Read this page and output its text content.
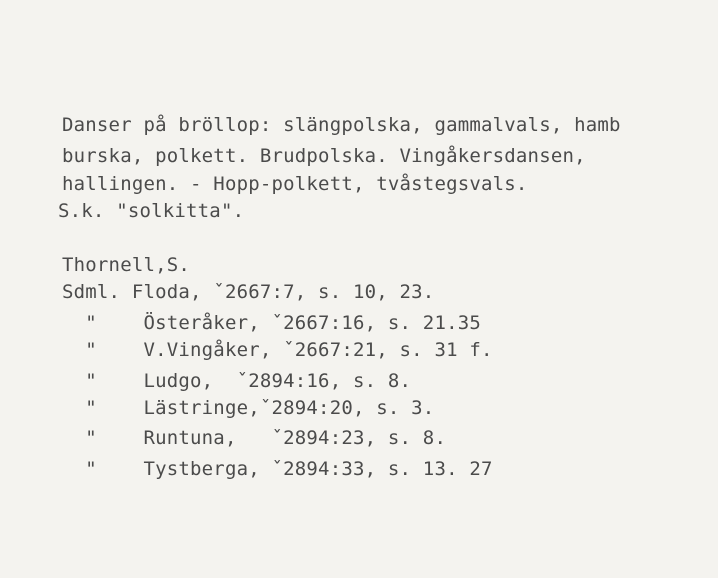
Danser på bröllop: slängpolska, gammalvals, hamb
burska, polkett. Brudpolska. Vingåkersdansen,
hallingen. - Hopp-polkett, tvåstegsvals.
S.k. "solkitta".
Thornell,S.
Sdml. Floda, ˇ2667:7, s. 10, 23.
"    Österåker, ˇ2667:16, s. 21.35
"    V.Vingåker, ˇ2667:21, s. 31 f.
"    Ludgo,  ˇ2894:16, s. 8.
"    Lästringe,ˇ2894:20, s. 3.
"    Runtuna,   ˇ2894:23, s. 8.
"    Tystberga, ˇ2894:33, s. 13. 27
